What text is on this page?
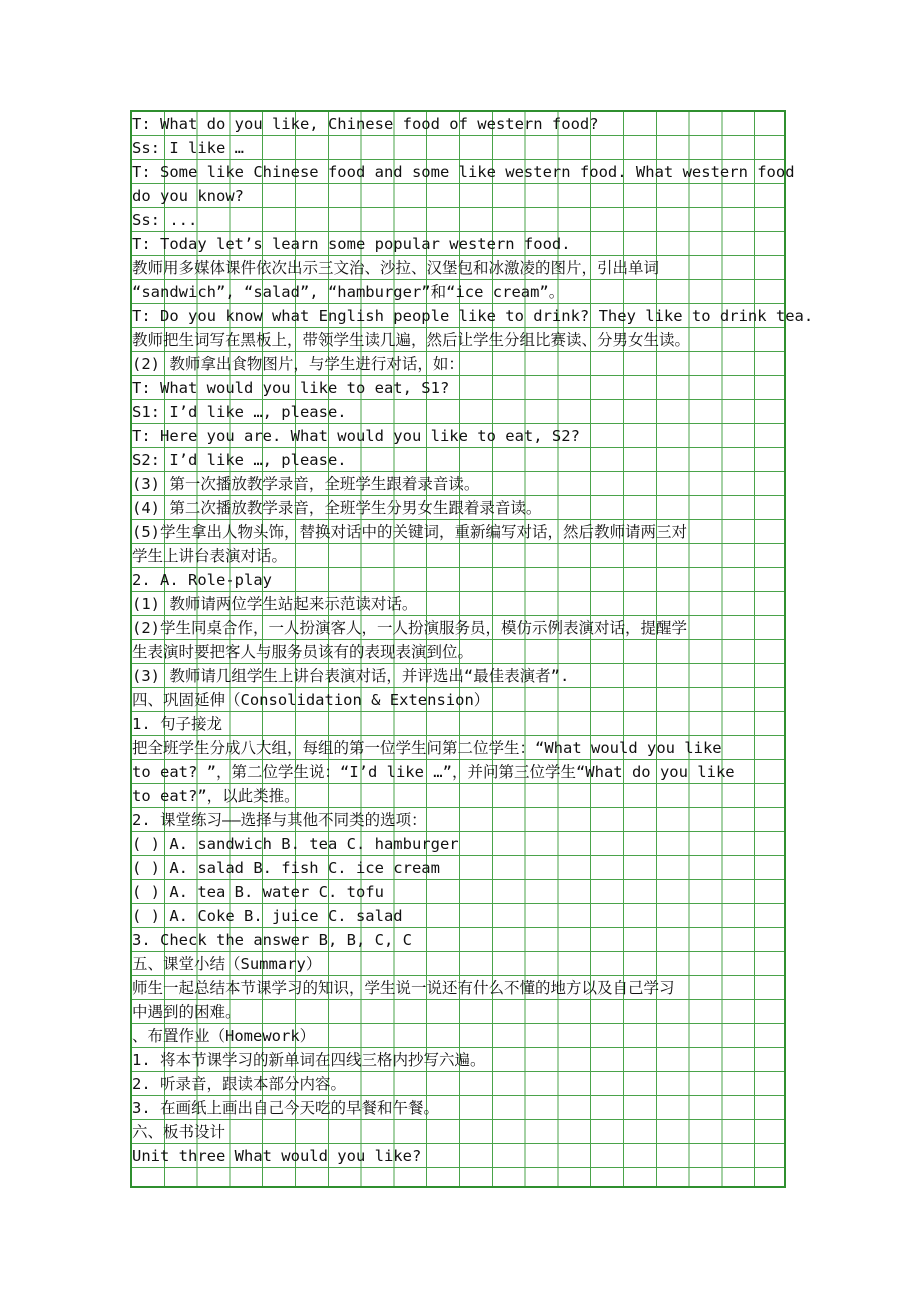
T: What do you like, Chinese food of western food?
Ss: I like …
T: Some like Chinese food and some like western food. What western food
do you know?
Ss: ...
T: Today let’s learn some popular western food.
教师用多媒体课件依次出示三文治、沙拉、汉堡包和冰激凌的图片，引出单词
“sandwich”, “salad”, “hamburger”和“ice cream”。
T: Do you know what English people like to drink? They like to drink tea.
教师把生词写在黑板上，带领学生读几遍，然后让学生分组比赛读、分男女生读。
(2) 教师拿出食物图片，与学生进行对话，如：
T: What would you like to eat, S1?
S1: I’d like …, please.
T: Here you are. What would you like to eat, S2?
S2: I’d like …, please.
(3) 第一次播放教学录音，全班学生跟着录音读。
(4) 第二次播放教学录音，全班学生分男女生跟着录音读。
(5)学生拿出人物头饰，替换对话中的关键词，重新编写对话，然后教师请两三对
学生上讲台表演对话。
2. A. Role-play
(1) 教师请两位学生站起来示范读对话。
(2)学生同桌合作，一人扮演客人，一人扮演服务员，模仿示例表演对话，提醒学
生表演时要把客人与服务员该有的表现表演到位。
(3) 教师请几组学生上讲台表演对话，并评选出“最佳表演者”.
四、巩固延伸（Consolidation & Extension）
1. 句子接龙
把全班学生分成八大组，每组的第一位学生问第二位学生：“What would you like
to eat? ”，第二位学生说：“I’d like …”，并问第三位学生“What do you like
to eat?”，以此类推。
2. 课堂练习——选择与其他不同类的选项：
( ) A. sandwich B. tea C. hamburger
( ) A. salad B. fish C. ice cream
( ) A. tea B. water C. tofu
( ) A. Coke B. juice C. salad
3. Check the answer B, B, C, C
五、课堂小结（Summary）
师生一起总结本节课学习的知识，学生说一说还有什么不懂的地方以及自己学习
中遇到的困难。
、布置作业（Homework）
1. 将本节课学习的新单词在四线三格内抄写六遍。
2. 听录音，跟读本部分内容。
3. 在画纸上画出自己今天吃的早餐和午餐。
六、板书设计
Unit three What would you like?
